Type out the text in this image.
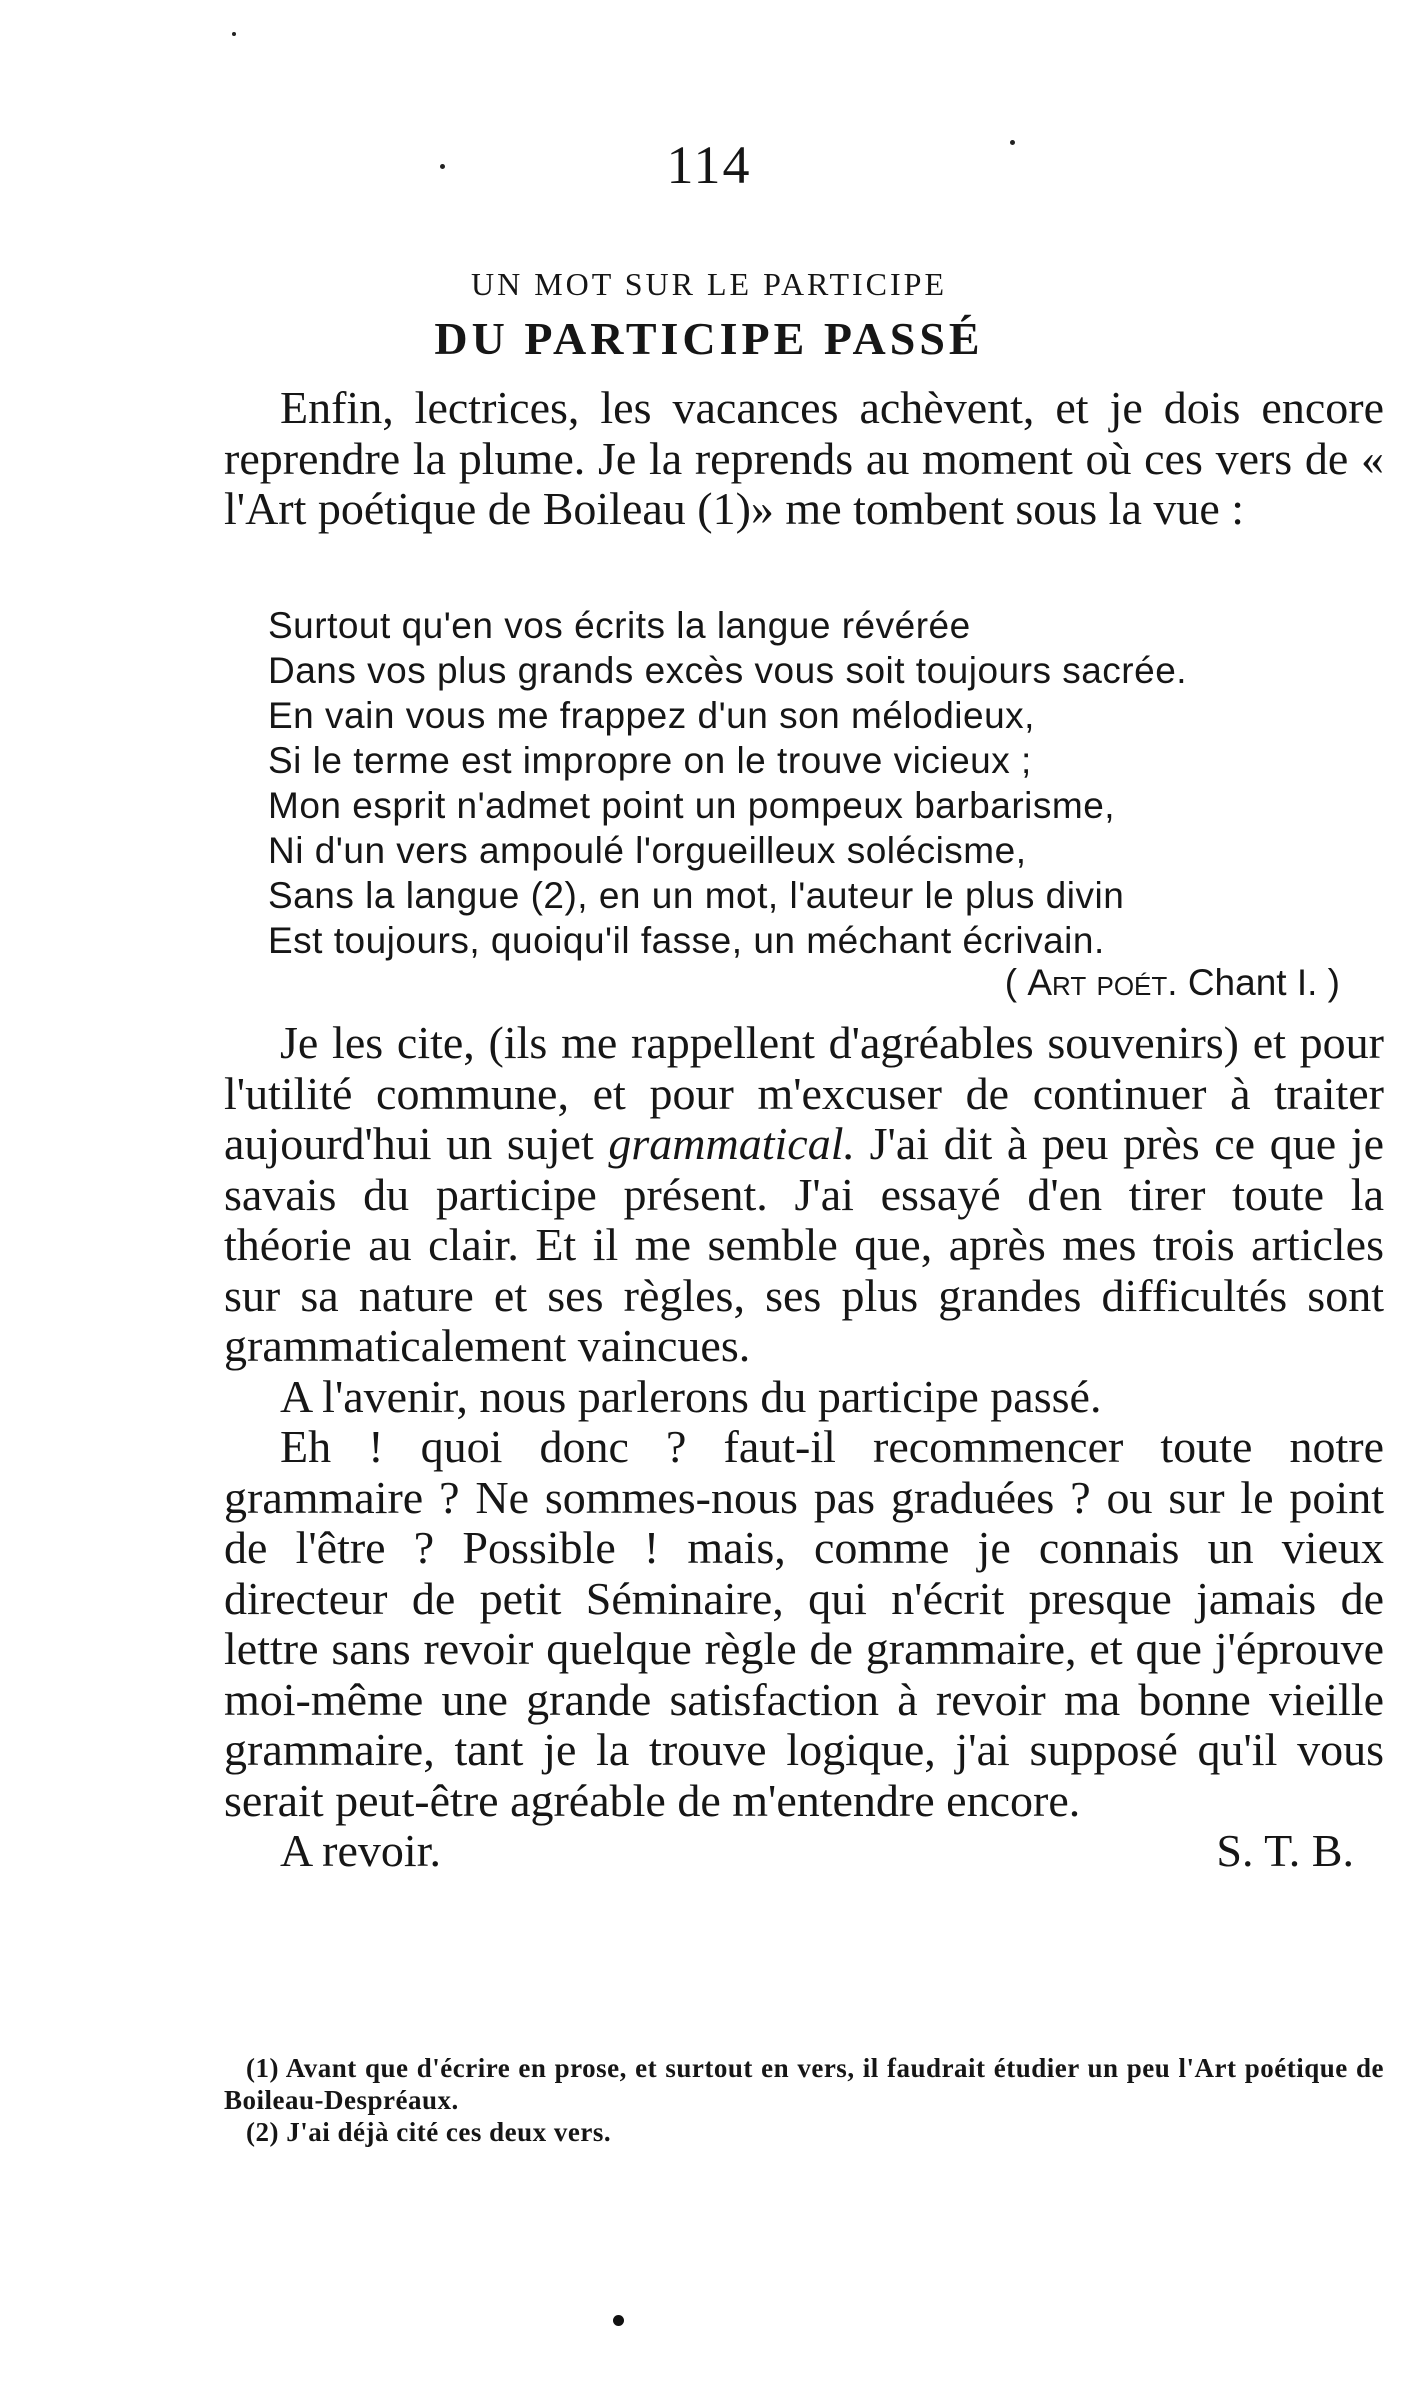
114
UN MOT SUR LE PARTICIPE
DU PARTICIPE PASSÉ

Enfin, lectrices, les vacances achèvent, et je dois encore reprendre la plume. Je la reprends au moment où ces vers de « l'Art poétique de Boileau (1)» me tombent sous la vue :

Surtout qu'en vos écrits la langue révérée
Dans vos plus grands excès vous soit toujours sacrée.
En vain vous me frappez d'un son mélodieux,
Si le terme est impropre on le trouve vicieux ;
Mon esprit n'admet point un pompeux barbarisme,
Ni d'un vers ampoulé l'orgueilleux solécisme,
Sans la langue (2), en un mot, l'auteur le plus divin
Est toujours, quoiqu'il fasse, un méchant écrivain.
( Art poét. Chant I. )

Je les cite, (ils me rappellent d'agréables souvenirs) et pour l'utilité commune, et pour m'excuser de continuer à traiter aujourd'hui un sujet grammatical. J'ai dit à peu près ce que je savais du participe présent. J'ai essayé d'en tirer toute la théorie au clair. Et il me semble que, après mes trois articles sur sa nature et ses règles, ses plus grandes difficultés sont grammaticalement vaincues.

A l'avenir, nous parlerons du participe passé.

Eh ! quoi donc ? faut-il recommencer toute notre grammaire ? Ne sommes-nous pas graduées ? ou sur le point de l'être ? Possible ! mais, comme je connais un vieux directeur de petit Séminaire, qui n'écrit presque jamais de lettre sans revoir quelque règle de grammaire, et que j'éprouve moi-même une grande satisfaction à revoir ma bonne vieille grammaire, tant je la trouve logique, j'ai supposé qu'il vous serait peut-être agréable de m'entendre encore.

A revoir.	S. T. B.

(1) Avant que d'écrire en prose, et surtout en vers, il faudrait étudier un peu l'Art poétique de Boileau-Despréaux.

(2) J'ai déjà cité ces deux vers.
